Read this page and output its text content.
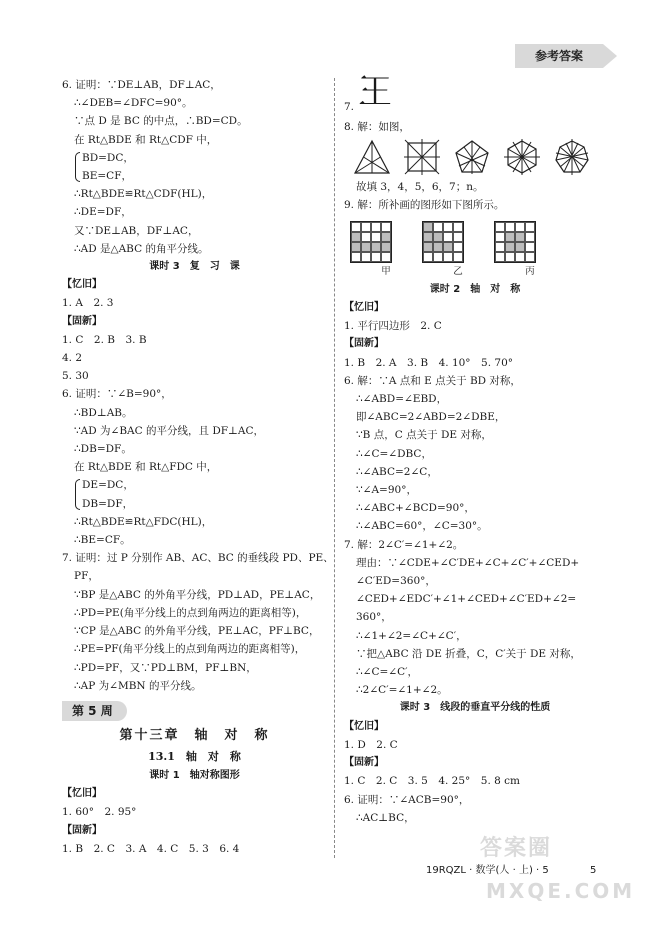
参考答案
6. 证明：∵DE⊥AB，DF⊥AC，
∴∠DEB=∠DFC=90°。
∵点 D 是 BC 的中点，∴BD=CD。
在 Rt△BDE 和 Rt△CDF 中，
BD=DC，
BE=CF，
∴Rt△BDE≌Rt△CDF(HL)，
∴DE=DF，
又∵DE⊥AB，DF⊥AC，
∴AD 是△ABC 的角平分线。
课时 3　复　习　课
【忆旧】
1. A　2. 3
【固新】
1. C　2. B　3. B
4. 2
5. 30
6. 证明：∵∠B=90°，
∴BD⊥AB。
∵AD 为∠BAC 的平分线，且 DF⊥AC，
∴DB=DF。
在 Rt△BDE 和 Rt△FDC 中，
DE=DC，
DB=DF，
∴Rt△BDE≌Rt△FDC(HL)，
∴BE=CF。
7. 证明：过 P 分别作 AB、AC、BC 的垂线段 PD、PE、
PF，
∵BP 是△ABC 的外角平分线，PD⊥AD，PE⊥AC，
∴PD=PE(角平分线上的点到角两边的距离相等)，
∵CP 是△ABC 的外角平分线，PE⊥AC，PF⊥BC，
∴PE=PF(角平分线上的点到角两边的距离相等)，
∴PD=PF，又∵PD⊥BM，PF⊥BN，
∴AP 为∠MBN 的平分线。
第 5 周
第十三章　轴　对　称
13.1　轴　对　称
课时 1　轴对称图形
【忆旧】
1. 60°　2. 95°
【固新】
1. B　2. C　3. A　4. C　5. 3　6. 4
7. 王
8. 解：如图，
故填 3，4，5，6，7；n。
9. 解：所补画的图形如下图所示。
甲	乙	丙
课时 2　轴　对　称
【忆旧】
1. 平行四边形　2. C
【固新】
1. B　2. A　3. B　4. 10°　5. 70°
6. 解：∵A 点和 E 点关于 BD 对称，
∴∠ABD=∠EBD，
即∠ABC=2∠ABD=2∠DBE，
∵B 点，C 点关于 DE 对称，
∴∠C=∠DBC，
∴∠ABC=2∠C，
∵∠A=90°，
∴∠ABC+∠BCD=90°，
∴∠ABC=60°，∠C=30°。
7. 解：2∠C′=∠1+∠2。
理由：∵∠CDE+∠C′DE+∠C+∠C′+∠CED+
∠C′ED=360°，
∠CED+∠EDC′+∠1+∠CED+∠C′ED+∠2=
360°，
∴∠1+∠2=∠C+∠C′，
∵把△ABC 沿 DE 折叠，C，C′关于 DE 对称，
∴∠C=∠C′，
∴2∠C′=∠1+∠2。
课时 3　线段的垂直平分线的性质
【忆旧】
1. D　2. C
【固新】
1. C　2. C　3. 5　4. 25°　5. 8 cm
6. 证明：∵∠ACB=90°，
∴AC⊥BC，
答案圈
MXQE.COM
19RQZL · 数学(人 · 上) · 5	5
